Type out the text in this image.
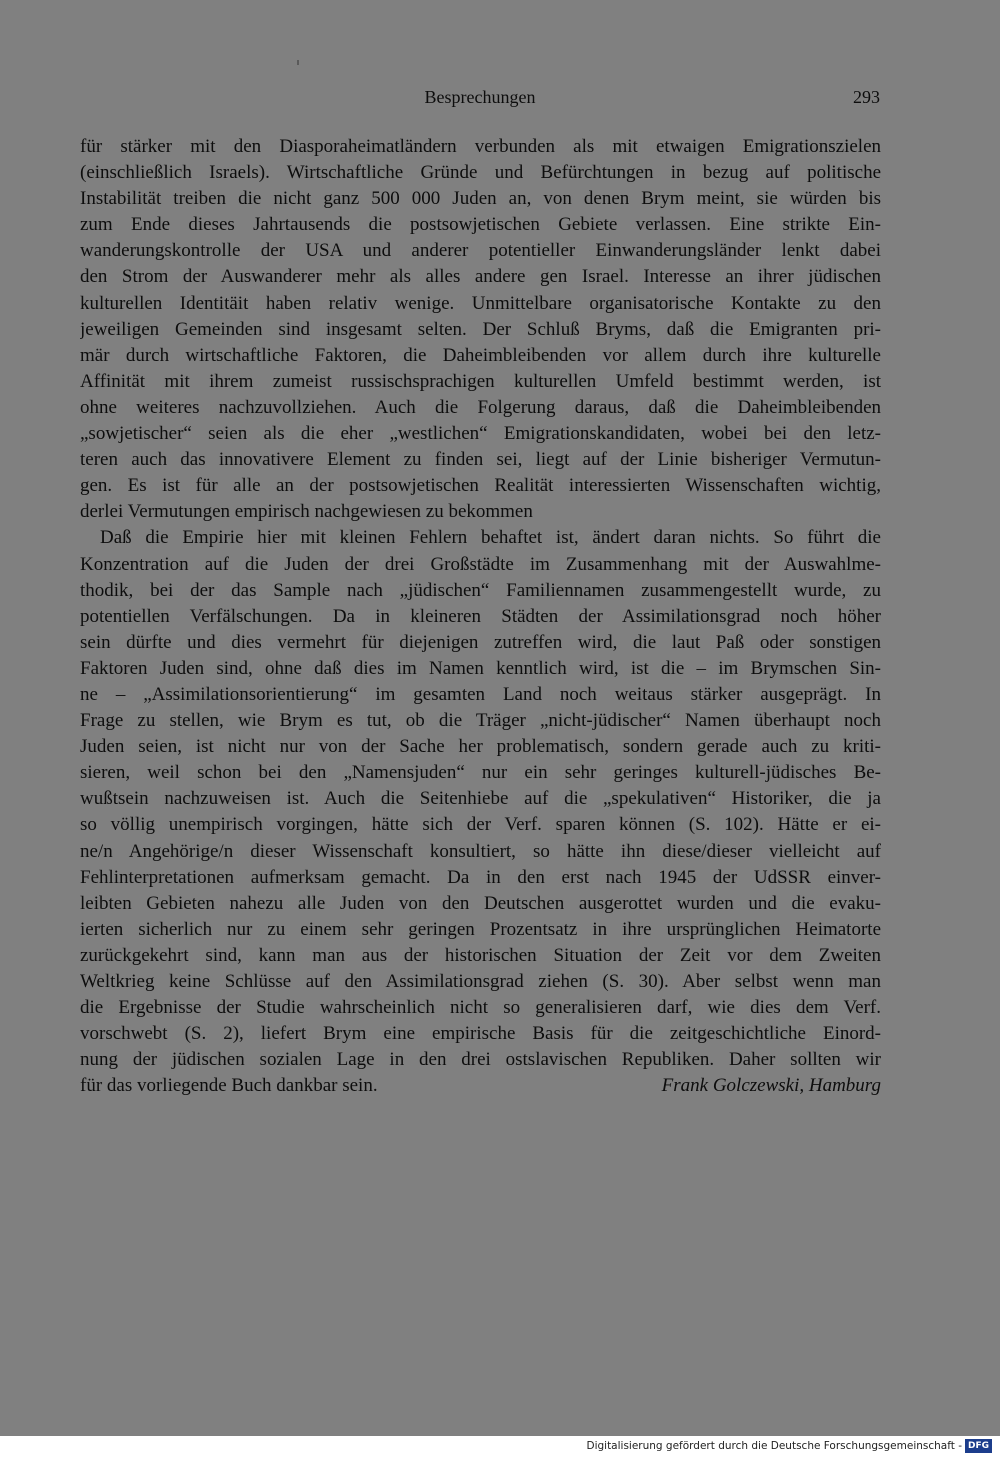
Besprechungen	293
für stärker mit den Diasporaheimatländern verbunden als mit etwaigen Emigrationszielen
(einschließlich Israels). Wirtschaftliche Gründe und Befürchtungen in bezug auf politische
Instabilität treiben die nicht ganz 500 000 Juden an, von denen Brym meint, sie würden bis
zum Ende dieses Jahrtausends die postsowjetischen Gebiete verlassen. Eine strikte Ein-
wanderungskontrolle der USA und anderer potentieller Einwanderungsländer lenkt dabei
den Strom der Auswanderer mehr als alles andere gen Israel. Interesse an ihrer jüdischen
kulturellen Identitäit haben relativ wenige. Unmittelbare organisatorische Kontakte zu den
jeweiligen Gemeinden sind insgesamt selten. Der Schluß Bryms, daß die Emigranten pri-
mär durch wirtschaftliche Faktoren, die Daheimbleibenden vor allem durch ihre kulturelle
Affinität mit ihrem zumeist russischsprachigen kulturellen Umfeld bestimmt werden, ist
ohne weiteres nachzuvollziehen. Auch die Folgerung daraus, daß die Daheimbleibenden
„sowjetischer“ seien als die eher „westlichen“ Emigrationskandidaten, wobei bei den letz-
teren auch das innovativere Element zu finden sei, liegt auf der Linie bisheriger Vermutun-
gen. Es ist für alle an der postsowjetischen Realität interessierten Wissenschaften wichtig,
derlei Vermutungen empirisch nachgewiesen zu bekommen
Daß die Empirie hier mit kleinen Fehlern behaftet ist, ändert daran nichts. So führt die
Konzentration auf die Juden der drei Großstädte im Zusammenhang mit der Auswahlme-
thodik, bei der das Sample nach „jüdischen“ Familiennamen zusammengestellt wurde, zu
potentiellen Verfälschungen. Da in kleineren Städten der Assimilationsgrad noch höher
sein dürfte und dies vermehrt für diejenigen zutreffen wird, die laut Paß oder sonstigen
Faktoren Juden sind, ohne daß dies im Namen kenntlich wird, ist die – im Brymschen Sin-
ne – „Assimilationsorientierung“ im gesamten Land noch weitaus stärker ausgeprägt. In
Frage zu stellen, wie Brym es tut, ob die Träger „nicht-jüdischer“ Namen überhaupt noch
Juden seien, ist nicht nur von der Sache her problematisch, sondern gerade auch zu kriti-
sieren, weil schon bei den „Namensjuden“ nur ein sehr geringes kulturell-jüdisches Be-
wußtsein nachzuweisen ist. Auch die Seitenhiebe auf die „spekulativen“ Historiker, die ja
so völlig unempirisch vorgingen, hätte sich der Verf. sparen können (S. 102). Hätte er ei-
ne/n Angehörige/n dieser Wissenschaft konsultiert, so hätte ihn diese/dieser vielleicht auf
Fehlinterpretationen aufmerksam gemacht. Da in den erst nach 1945 der UdSSR einver-
leibten Gebieten nahezu alle Juden von den Deutschen ausgerottet wurden und die evaku-
ierten sicherlich nur zu einem sehr geringen Prozentsatz in ihre ursprünglichen Heimatorte
zurückgekehrt sind, kann man aus der historischen Situation der Zeit vor dem Zweiten
Weltkrieg keine Schlüsse auf den Assimilationsgrad ziehen (S. 30). Aber selbst wenn man
die Ergebnisse der Studie wahrscheinlich nicht so generalisieren darf, wie dies dem Verf.
vorschwebt (S. 2), liefert Brym eine empirische Basis für die zeitgeschichtliche Einord-
nung der jüdischen sozialen Lage in den drei ostslavischen Republiken. Daher sollten wir
für das vorliegende Buch dankbar sein.	Frank Golczewski, Hamburg
Digitalisierung gefördert durch die Deutsche Forschungsgemeinschaft - DFG
